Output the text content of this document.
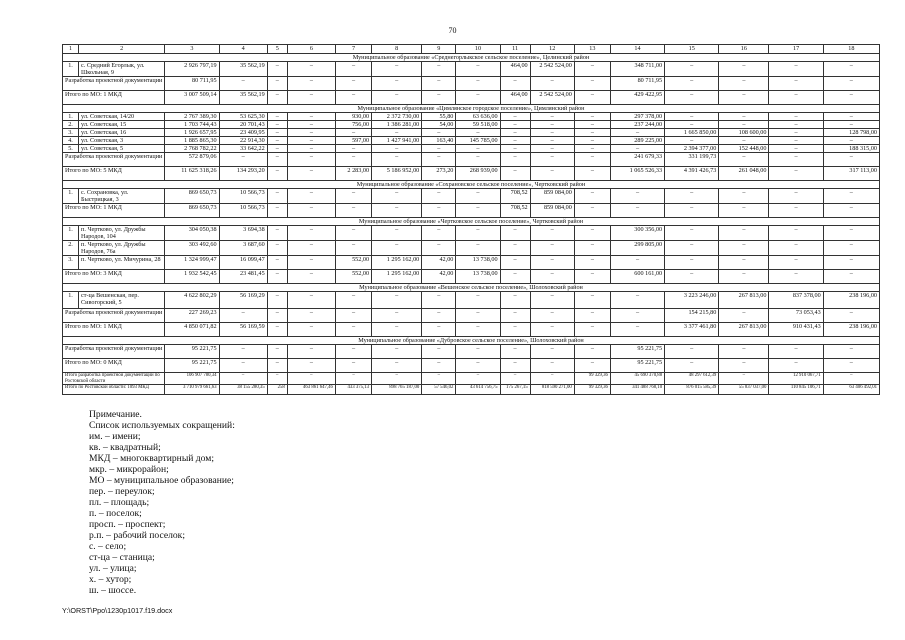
70
1	2	3	4	5	6	7	8	9	10	11	12	13	14	15	16	17	18
Муниципальное образование «Среднегорлыкское сельское поселение», Целинский район																	
1.	с. Средний Егорлык, ул. Школьная, 9	2 926 797,19	35 562,19	–	–	–	–	–	–	464,00	2 542 524,00	–	348 711,00	–	–	–	–
Разработка проектной документации		80 711,95	–	–	–	–	–	–	–	–	–	–	80 711,95	–	–	–	–
Итого по МО: 1 МКД		3 007 509,14	35 562,19	–	–	–	–	–	–	464,00	2 542 524,00	–	429 422,95	–	–	–	–
Муниципальное образование «Цимлянское городское поселение», Цимлянский район																	
1.	ул. Советская, 14/20	2 767 389,30	53 625,30	–	–	930,00	2 372 730,00	55,80	63 636,00	–	–	–	297 378,00	–	–	–	–
2.	ул. Советская, 15	1 703 744,43	20 701,43	–	–	756,00	1 386 281,00	54,00	59 518,00	–	–	–	237 244,00	–	–	–	–
3.	ул. Советская, 16	1 926 657,95	23 409,95	–	–	–	–	–	–	–	–	–	–	1 665 850,00	108 600,00	–	128 798,00
4.	ул. Советская, 3	1 885 865,30	22 914,30	–	–	597,00	1 427 941,00	163,40	145 785,00	–	–	–	289 225,00	–	–	–	–
5.	ул. Советская, 5	2 768 782,22	33 642,22	–	–	–	–	–	–	–	–	–	–	2 394 377,00	152 448,00	–	188 315,00
Разработка проектной документации		572 879,06	–	–	–	–	–	–	–	–	–	–	241 679,33	331 199,73	–	–	–
Итого по МО: 5 МКД		11 625 318,26	134 293,20	–	–	2 283,00	5 186 952,00	273,20	268 939,00	–	–	–	1 065 526,33	4 391 426,73	261 048,00	–	317 113,00
Муниципальное образование «Сохрановское сельское поселение», Чертковский район																	
1.	с. Сохрановка, ул. Быстрицкая, 3	869 650,73	10 566,73	–	–	–	–	–	–	708,52	859 084,00	–	–	–	–	–	–
Итого по МО: 1 МКД		869 650,73	10 566,73	–	–	–	–	–	–	708,52	859 084,00	–	–	–	–	–	–
Муниципальное образование «Чертковское сельское поселение», Чертковский район																	
1.	п. Чертково, ул. Дружбы Народов, 104	304 050,38	3 694,38	–	–	–	–	–	–	–	–	–	300 356,00	–	–	–	–
2.	п. Чертково, ул. Дружбы Народов, 76а	303 492,60	3 687,60	–	–	–	–	–	–	–	–	–	299 805,00	–	–	–	–
3.	п. Чертково, ул. Мичурина, 28	1 324 999,47	16 099,47	–	–	552,00	1 295 162,00	42,00	13 738,00	–	–	–	–	–	–	–	–
Итого по МО: 3 МКД		1 932 542,45	23 481,45	–	–	552,00	1 295 162,00	42,00	13 738,00	–	–	–	600 161,00	–	–	–	–
Муниципальное образование «Вешенское сельское поселение», Шолоховский район																	
1.	ст-ца Вешенская, пер. Сивогорский, 5	4 622 802,29	56 169,29	–	–	–	–	–	–	–	–	–	–	3 223 246,00	267 813,00	837 378,00	238 196,00
Разработка проектной документации		227 269,23	–	–	–	–	–	–	–	–	–	–	–	154 215,80	–	73 053,43	–
Итого по МО: 1 МКД		4 850 071,82	56 169,59	–	–	–	–	–	–	–	–	–	–	3 377 461,80	267 813,00	910 431,43	238 196,00
Муниципальное образование «Дубровское сельское поселение», Шолоховский район																	
Разработка проектной документации		95 221,75	–	–	–	–	–	–	–	–	–	–	95 221,75	–	–	–	–
Итого по МО: 0 МКД		95 221,75	–	–	–	–	–	–	–	–	–	–	95 221,75	–	–	–	–
Итого разработка проектной документации по Ростовской области		106 907 780,34	–	–	–	–	–	–	–	–	–	99 329,36	45 690 370,88	48 297 612,39	–	12 910 067,71	–
Итого по Ростовской области: 1093 МКД		3 710 979 661,63	38 155 280,35	258	463 861 647,46	433 375,13	898 765 187,00	57 546,02	43 614 756,75	175 267,15	818 590 271,00	99 329,36	341 488 768,10	876 015 585,39	55 837 037,00	110 845 106,71	63 406 492,01
Примечание.
Список используемых сокращений:
им. – имени;
кв. – квадратный;
МКД – многоквартирный дом;
мкр. – микрорайон;
МО – муниципальное образование;
пер. – переулок;
пл. – площадь;
п. – поселок;
просп. – проспект;
р.п. – рабочий поселок;
с. – село;
ст-ца – станица;
ул. – улица;
х. – хутор;
ш. – шоссе.
Y:\ORST\Ppo\1230p1017.f19.docx
